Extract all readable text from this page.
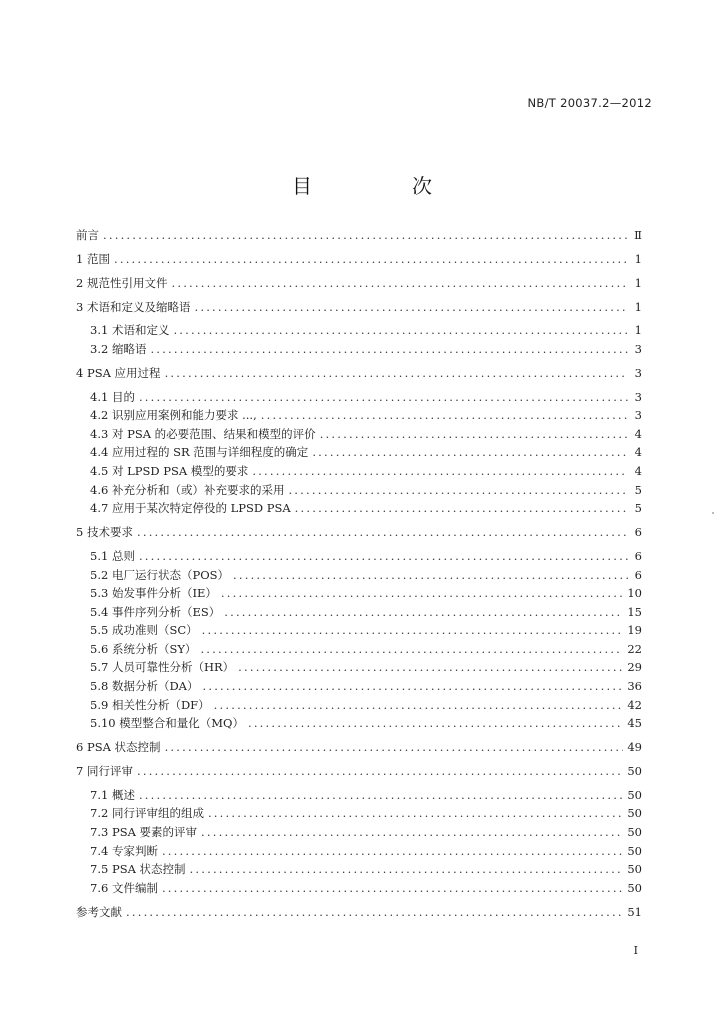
NB/T 20037.2—2012
目　次
前言 .....	Ⅱ
1 范围 .....	1
2 规范性引用文件 .....	1
3 术语和定义及缩略语 .....	1
3.1 术语和定义 .....	1
3.2 缩略语 .....	3
4 PSA 应用过程 .....	3
4.1 目的 .....	3
4.2 识别应用案例和能力要求 ..., .....	3
4.3 对 PSA 的必要范围、结果和模型的评价 .....	4
4.4 应用过程的 SR 范围与详细程度的确定 .....	4
4.5 对 LPSD PSA 模型的要求 .....	4
4.6 补充分析和（或）补充要求的采用 .....	5
4.7 应用于某次特定停役的 LPSD PSA .....	5
5 技术要求 .....	6
5.1 总则 .....	6
5.2 电厂运行状态（POS） .....	6
5.3 始发事件分析（IE） .....	10
5.4 事件序列分析（ES） .....	15
5.5 成功准则（SC） .....	19
5.6 系统分析（SY） .....	22
5.7 人员可靠性分析（HR） .....	29
5.8 数据分析（DA） .....	36
5.9 相关性分析（DF） .....	42
5.10 模型整合和量化（MQ） .....	45
6 PSA 状态控制 .....	49
7 同行评审 .....	50
7.1 概述 .....	50
7.2 同行评审组的组成 .....	50
7.3 PSA 要素的评审 .....	50
7.4 专家判断 .....	50
7.5 PSA 状态控制 .....	50
7.6 文件编制 .....	50
参考文献 .....	51
I
